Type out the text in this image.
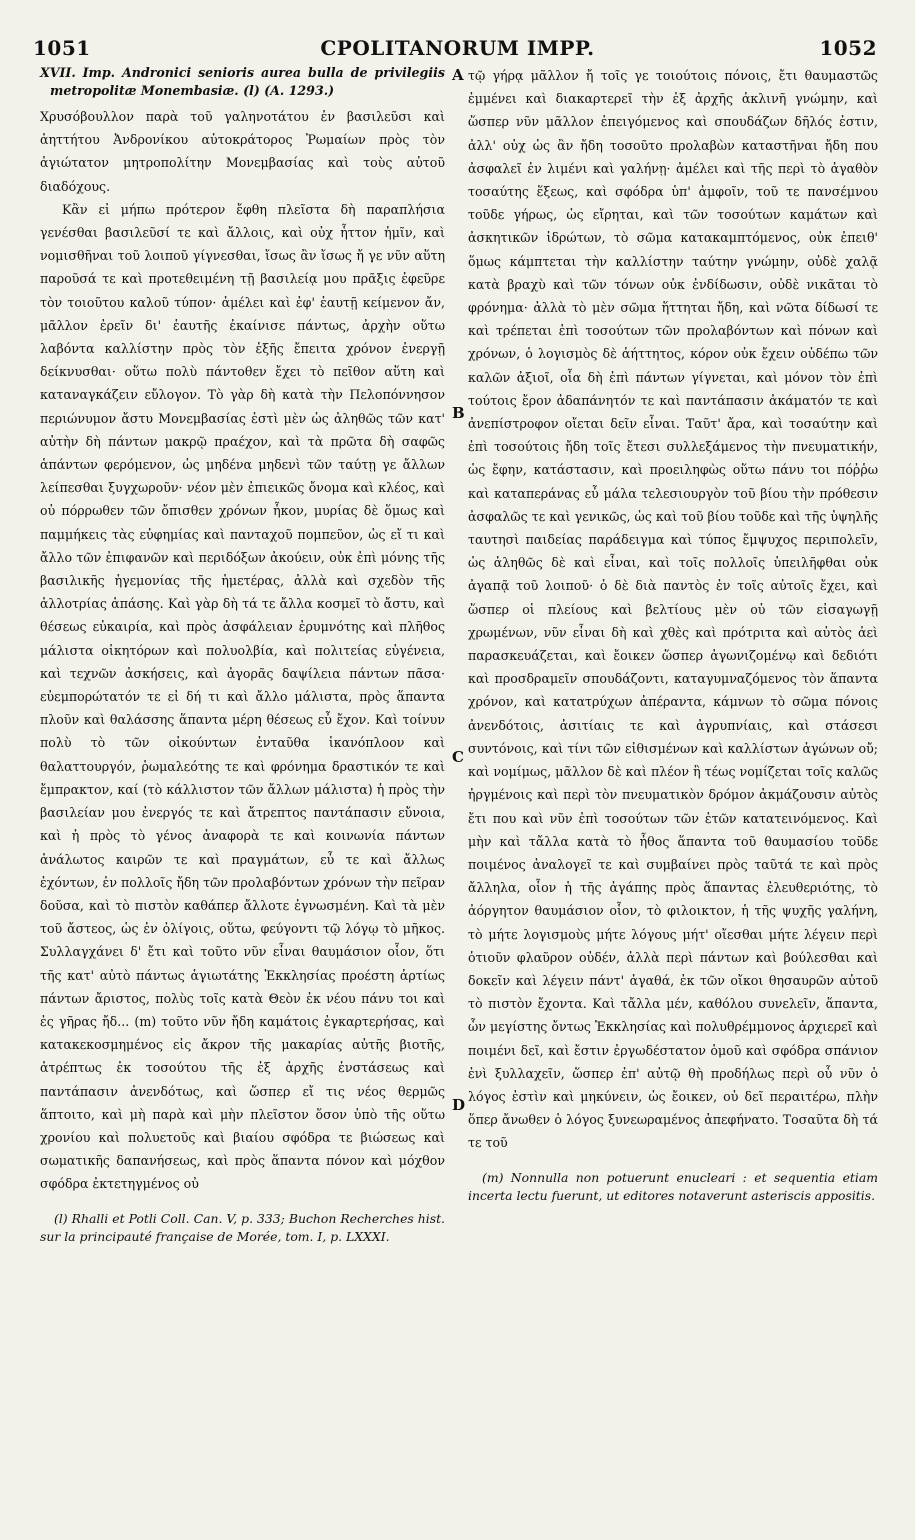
1051	CPOLITANORUM IMPP.	1052

XVII. Imp. Andronici senioris aurea bulla de privilegiis metropolitæ Monembasiæ. (l) (A. 1293.)

Χρυσόβουλλον παρὰ τοῦ γαληνοτάτου ἐν βασιλεῦσι καὶ ἀηττήτου Ἀνδρονίκου αὐτοκράτορος Ῥωμαίων πρὸς τὸν ἁγιώτατον μητροπολίτην Μονεμβασίας καὶ τοὺς αὐτοῦ διαδόχους.

Κἂν εἰ μήπω πρότερον ἔφθη πλεῖστα δὴ παραπλήσια γενέσθαι βασιλεῦσί τε καὶ ἄλλοις, καὶ οὐχ ἧττον ἡμῖν, καὶ νομισθῆναι τοῦ λοιποῦ γίγνεσθαι, ἴσως ἂν ἴσως ἤ γε νῦν αὕτη παροῦσά τε καὶ προτεθειμένη τῇ βασιλείᾳ μου πρᾶξις ἐφεῦρε τὸν τοιοῦτου καλοῦ τύπον· ἀμέλει καὶ ἐφ' ἑαυτῇ κείμενον ἄν, μᾶλλον ἐρεῖν δι' ἑαυτῆς ἐκαίνισε πάντως, ἀρχὴν οὕτω λαβόντα καλλίστην πρὸς τὸν ἑξῆς ἔπειτα χρόνον ἐνεργῇ δείκνυσθαι· οὕτω πολὺ πάντοθεν ἔχει τὸ πεῖθον αὕτη καὶ καταναγκάζειν εὔλογον. Τὸ γὰρ δὴ κατὰ τὴν Πελοπόννησον περιώνυμον ἄστυ Μονεμβασίας ἐστὶ μὲν ὡς ἀληθῶς τῶν κατ' αὐτὴν δὴ πάντων μακρῷ πραέχον, καὶ τὰ πρῶτα δὴ σαφῶς ἁπάντων φερόμενον, ὡς μηδένα μηδενὶ τῶν ταύτῃ γε ἄλλων λείπεσθαι ξυγχωροῦν· νέον μὲν ἐπιεικῶς ὄνομα καὶ κλέος, καὶ οὐ πόρρωθεν τῶν ὄπισθεν χρόνων ἧκον, μυρίας δὲ ὅμως καὶ παμμήκεις τὰς εὐφημίας καὶ πανταχοῦ πομπεῦον, ὡς εἴ τι καὶ ἄλλο τῶν ἐπιφανῶν καὶ περιδόξων ἀκούειν, οὐκ ἐπὶ μόνης τῆς βασιλικῆς ἡγεμονίας τῆς ἡμετέρας, ἀλλὰ καὶ σχεδὸν τῆς ἀλλοτρίας ἁπάσης. Καὶ γὰρ δὴ τά τε ἄλλα κοσμεῖ τὸ ἄστυ, καὶ θέσεως εὐκαιρία, καὶ πρὸς ἀσφάλειαν ἐρυμνότης καὶ πλῆθος μάλιστα οἰκητόρων καὶ πολυολβία, καὶ πολιτείας εὐγένεια, καὶ τεχνῶν ἀσκήσεις, καὶ ἀγορᾶς δαψίλεια πάντων πᾶσα· εὐεμπορώτατόν τε εἰ δή τι καὶ ἄλλο μάλιστα, πρὸς ἅπαντα πλοῦν καὶ θαλάσσης ἅπαντα μέρη θέσεως εὖ ἔχον. Καὶ τοίνυν πολὺ τὸ τῶν οἰκούντων ἐνταῦθα ἱκανόπλοον καὶ θαλαττουργόν, ῥωμαλεότης τε καὶ φρόνημα δραστικόν τε καὶ ἔμπρακτον, καί (τὸ κάλλιστον τῶν ἄλλων μάλιστα) ἡ πρὸς τὴν βασιλείαν μου ἐνεργός τε καὶ ἄτρεπτος παντάπασιν εὔνοια, καὶ ἡ πρὸς τὸ γένος ἀναφορὰ τε καὶ κοινωνία πάντων ἀνάλωτος καιρῶν τε καὶ πραγμάτων, εὖ τε καὶ ἄλλως ἐχόντων, ἐν πολλοῖς ἤδη τῶν προλαβόντων χρόνων τὴν πεῖραν δοῦσα, καὶ τὸ πιστὸν καθάπερ ἄλλοτε ἐγνωσμένη. Καὶ τὰ μὲν τοῦ ἄστεος, ὡς ἐν ὀλίγοις, οὕτω, φεύγοντι τῷ λόγῳ τὸ μῆκος. Συλλαγχάνει δ' ἔτι καὶ τοῦτο νῦν εἶναι θαυμάσιον οἷον, ὅτι τῆς κατ' αὐτὸ πάντως ἁγιωτάτης Ἐκκλησίας προέστη ἀρτίως πάντων ἄριστος, πολὺς τοῖς κατὰ Θεὸν ἐκ νέου πάνυ τοι καὶ ἐς γῆρας ἤδ... (m) τοῦτο νῦν ἤδη καμάτοις ἐγκαρτερήσας, καὶ κατακεκοσμημένος εἰς ἄκρον τῆς μακαρίας αὐτῆς βιοτῆς, ἀτρέπτως ἐκ τοσούτου τῆς ἐξ ἀρχῆς ἐνστάσεως καὶ παντάπασιν ἀνενδότως, καὶ ὥσπερ εἴ τις νέος θερμῶς ἅπτοιτο, καὶ μὴ παρὰ καὶ μὴν πλεῖστον ὅσον ὑπὸ τῆς οὕτω χρονίου καὶ πολυετοῦς καὶ βιαίου σφόδρα τε βιώσεως καὶ σωματικῆς δαπανήσεως, καὶ πρὸς ἅπαντα πόνον καὶ μόχθον σφόδρα ἐκτετηγμένος οὐ

(l) Rhalli et Potli Coll. Can. V, p. 333; Buchon Recherches hist. sur la principauté française de Morée, tom. I, p. LXXXI.

A
B
C
D

τῷ γήρᾳ μᾶλλον ἤ τοῖς γε τοιούτοις πόνοις, ἔτι θαυμαστῶς ἐμμένει καὶ διακαρτερεῖ τὴν ἐξ ἀρχῆς ἀκλινῆ γνώμην, καὶ ὥσπερ νῦν μᾶλλον ἐπειγόμενος καὶ σπουδάζων δῆλός ἐστιν, ἀλλ' οὐχ ὡς ἂν ἤδη τοσοῦτο προλαβὼν καταστῆναι ἤδη που ἀσφαλεῖ ἐν λιμένι καὶ γαλήνῃ· ἀμέλει καὶ τῆς περὶ τὸ ἀγαθὸν τοσαύτης ἕξεως, καὶ σφόδρα ὑπ' ἀμφοῖν, τοῦ τε πανσέμνου τοῦδε γήρως, ὡς εἴρηται, καὶ τῶν τοσούτων καμάτων καὶ ἀσκητικῶν ἱδρώτων, τὸ σῶμα κατακαμπτόμενος, οὐκ ἐπειθ' ὅμως κάμπτεται τὴν καλλίστην ταύτην γνώμην, οὐδὲ χαλᾷ κατὰ βραχὺ καὶ τῶν τόνων οὐκ ἐνδίδωσιν, οὐδὲ νικᾶται τὸ φρόνημα· ἀλλὰ τὸ μὲν σῶμα ἥττηται ἤδη, καὶ νῶτα δίδωσί τε καὶ τρέπεται ἐπὶ τοσούτων τῶν προλαβόντων καὶ πόνων καὶ χρόνων, ὁ λογισμὸς δὲ ἀήττητος, κόρον οὐκ ἔχειν οὐδέπω τῶν καλῶν ἀξιοῖ, οἷα δὴ ἐπὶ πάντων γίγνεται, καὶ μόνον τὸν ἐπὶ τούτοις ἔρον ἀδαπάνητόν τε καὶ παντάπασιν ἀκάματόν τε καὶ ἀνεπίστροφον οἴεται δεῖν εἶναι. Ταῦτ' ἄρα, καὶ τοσαύτην καὶ ἐπὶ τοσούτοις ἤδη τοῖς ἔτεσι συλλεξάμενος τὴν πνευματικήν, ὡς ἔφην, κατάστασιν, καὶ προειληφὼς οὕτω πάνυ τοι πόῤῥω καὶ καταπεράνας εὖ μάλα τελεσιουργὸν τοῦ βίου τὴν πρόθεσιν ἀσφαλῶς τε καὶ γενικῶς, ὡς καὶ τοῦ βίου τοῦδε καὶ τῆς ὑψηλῆς ταυτησὶ παιδείας παράδειγμα καὶ τύπος ἔμψυχος περιπολεῖν, ὡς ἀληθῶς δὲ καὶ εἶναι, καὶ τοῖς πολλοῖς ὑπειλῆφθαι οὐκ ἀγαπᾷ τοῦ λοιποῦ· ὁ δὲ διὰ παντὸς ἐν τοῖς αὐτοῖς ἔχει, καὶ ὥσπερ οἱ πλείους καὶ βελτίους μὲν οὐ τῶν εἰσαγωγῇ χρωμένων, νῦν εἶναι δὴ καὶ χθὲς καὶ πρότριτα καὶ αὐτὸς ἀεὶ παρασκευάζεται, καὶ ἔοικεν ὥσπερ ἀγωνιζομένῳ καὶ δεδιότι καὶ προσδραμεῖν σπουδάζοντι, καταγυμναζόμενος τὸν ἅπαντα χρόνον, καὶ κατατρύχων ἀπέραντα, κάμνων τὸ σῶμα πόνοις ἀνενδότοις, ἀσιτίαις τε καὶ ἀγρυπνίαις, καὶ στάσεσι συντόνοις, καὶ τίνι τῶν εἰθισμένων καὶ καλλίστων ἀγώνων οὔ; καὶ νομίμως, μᾶλλον δὲ καὶ πλέον ἢ τέως νομίζεται τοῖς καλῶς ἠργμένοις καὶ περὶ τὸν πνευματικὸν δρόμον ἀκμάζουσιν αὐτὸς ἔτι που καὶ νῦν ἐπὶ τοσούτων τῶν ἐτῶν κατατεινόμενος. Καὶ μὴν καὶ τἄλλα κατὰ τὸ ἦθος ἅπαντα τοῦ θαυμασίου τοῦδε ποιμένος ἀναλογεῖ τε καὶ συμβαίνει πρὸς ταῦτά τε καὶ πρὸς ἄλληλα, οἷον ἡ τῆς ἀγάπης πρὸς ἅπαντας ἐλευθεριότης, τὸ ἀόργητον θαυμάσιον οἷον, τὸ φιλοικτον, ἡ τῆς ψυχῆς γαλήνη, τὸ μήτε λογισμοὺς μήτε λόγους μήτ' οἴεσθαι μήτε λέγειν περὶ ὁτιοῦν φλαῦρον οὐδέν, ἀλλὰ περὶ πάντων καὶ βούλεσθαι καὶ δοκεῖν καὶ λέγειν πάντ' ἀγαθά, ἐκ τῶν οἴκοι θησαυρῶν αὐτοῦ τὸ πιστὸν ἔχοντα. Καὶ τἄλλα μέν, καθόλου συνελεῖν, ἅπαντα, ὧν μεγίστης ὄντως Ἐκκλησίας καὶ πολυθρέμμονος ἀρχιερεῖ καὶ ποιμένι δεῖ, καὶ ἔστιν ἐργωδέστατον ὁμοῦ καὶ σφόδρα σπάνιον ἐνὶ ξυλλαχεῖν, ὥσπερ ἐπ' αὐτῷ θὴ προδήλως περὶ οὗ νῦν ὁ λόγος ἐστὶν καὶ μηκύνειν, ὡς ἔοικεν, οὐ δεῖ περαιτέρω, πλὴν ὅπερ ἄνωθεν ὁ λόγος ξυνεωραμένος ἀπεφήνατο. Τοσαῦτα δὴ τά τε τοῦ

(m) Nonnulla non potuerunt enucleari : et sequentia etiam incerta lectu fuerunt, ut editores notaverunt asteriscis appositis.
